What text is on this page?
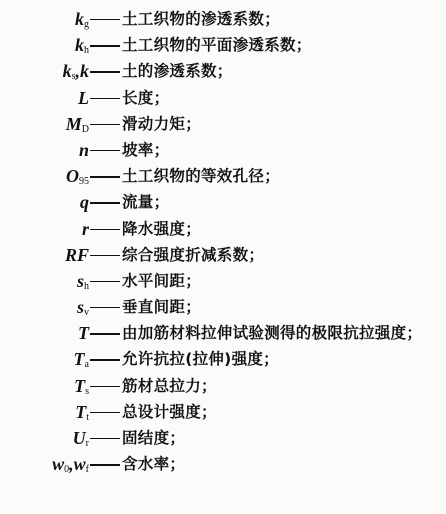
$k_g$ 土工织物的渗透系数；
$k_h$ 土工织物的平面渗透系数；
$k_s,k$ 土的渗透系数；
L 长度；
$M_D$ 滑动力矩；
n 坡率；
$O_{95}$ 土工织物的等效孔径；
q 流量；
r 降水强度；
RF 综合强度折减系数；
$s_h$ 水平间距；
$s_v$ 垂直间距；
T 由加筋材料拉伸试验测得的极限抗拉强度；
$T_a$ 允许抗拉(拉伸)强度；
$T_s$ 筋材总拉力；
$T_t$ 总设计强度；
$U_r$ 固结度；
$w_0,w_f$ 含水率；
